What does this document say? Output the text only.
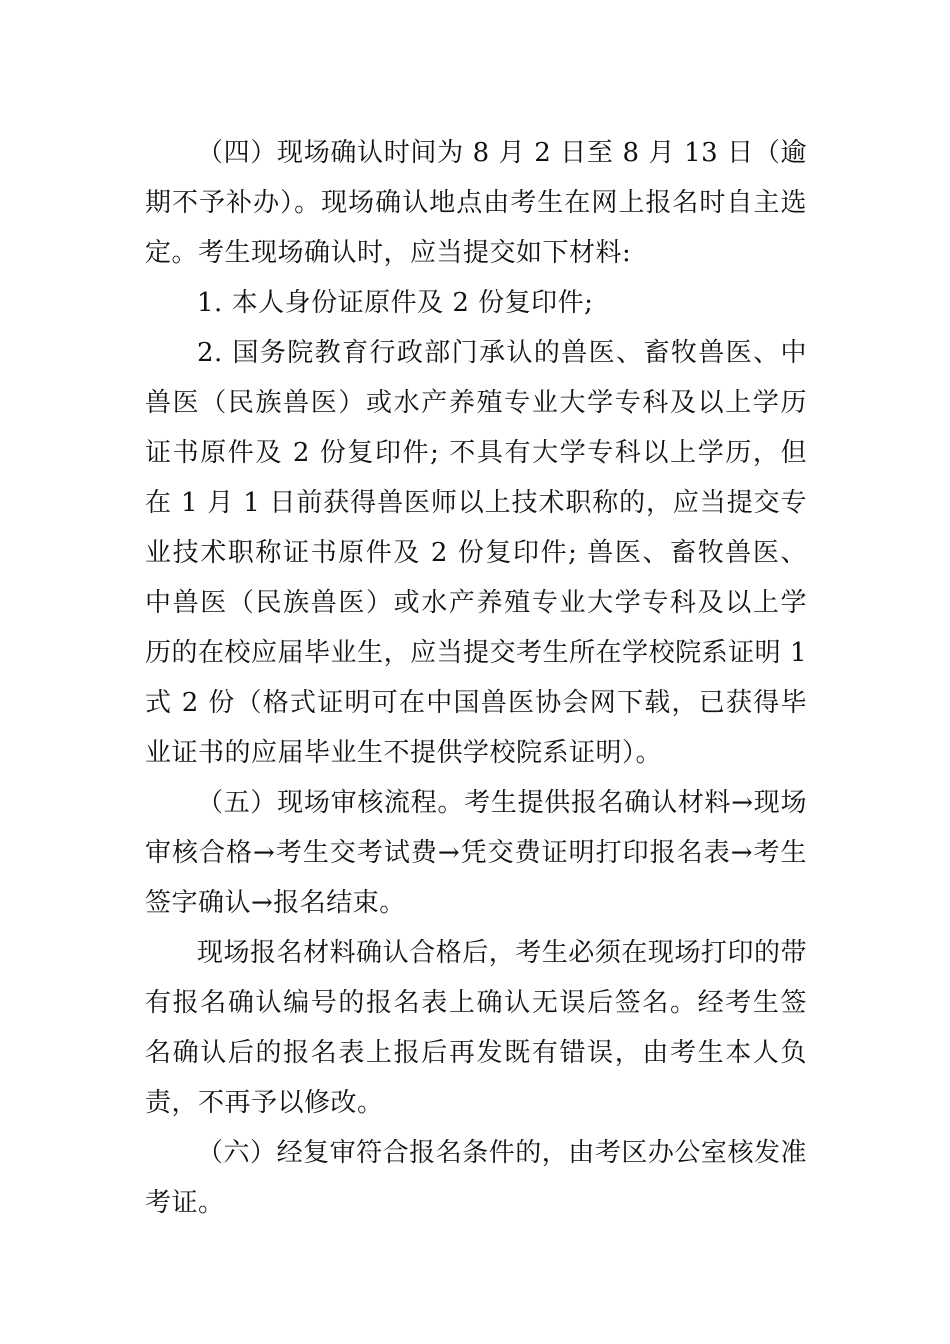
（四）现场确认时间为 8 月 2 日至 8 月 13 日（逾期不予补办）。现场确认地点由考生在网上报名时自主选定。考生现场确认时，应当提交如下材料:

1. 本人身份证原件及 2 份复印件;

2. 国务院教育行政部门承认的兽医、畜牧兽医、中兽医（民族兽医）或水产养殖专业大学专科及以上学历证书原件及 2 份复印件; 不具有大学专科以上学历，但在 1 月 1 日前获得兽医师以上技术职称的，应当提交专业技术职称证书原件及 2 份复印件; 兽医、畜牧兽医、中兽医（民族兽医）或水产养殖专业大学专科及以上学历的在校应届毕业生，应当提交考生所在学校院系证明 1 式 2 份（格式证明可在中国兽医协会网下载，已获得毕业证书的应届毕业生不提供学校院系证明）。

（五）现场审核流程。考生提供报名确认材料→现场审核合格→考生交考试费→凭交费证明打印报名表→考生签字确认→报名结束。

现场报名材料确认合格后，考生必须在现场打印的带有报名确认编号的报名表上确认无误后签名。经考生签名确认后的报名表上报后再发既有错误，由考生本人负责，不再予以修改。

（六）经复审符合报名条件的，由考区办公室核发准考证。
